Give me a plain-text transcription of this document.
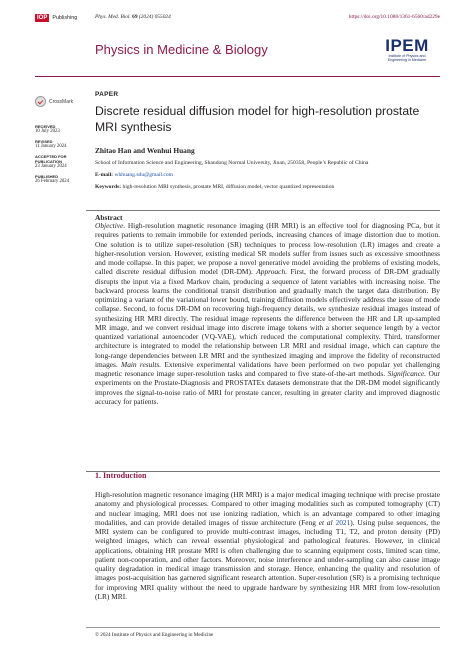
IOP Publishing	Phys. Med. Biol. 69 (2024) 055024	https://doi.org/10.1088/1361-6560/ad229e
Physics in Medicine & Biology	IPEM
Institute of Physics and
Engineering in Medicine
CrossMark
RECEIVED
10 July 2023
REVISED
11 January 2024
ACCEPTED FOR PUBLICATION
23 January 2024
PUBLISHED
26 February 2024
PAPER
Discrete residual diffusion model for high-resolution prostate MRI synthesis
Zhitao Han and Wenhui Huang
School of Information Science and Engineering, Shandong Normal University, Jinan, 250358, People’s Republic of China
E-mail: whhuang.sdu@gmail.com
Keywords: high-resolution MRI synthesis, prostate MRI, diffusion model, vector quantized representation
Abstract
Objective. High-resolution magnetic resonance imaging (HR MRI) is an effective tool for diagnosing PCa, but it requires patients to remain immobile for extended periods, increasing chances of image distortion due to motion. One solution is to utilize super-resolution (SR) techniques to process low-resolution (LR) images and create a higher-resolution version. However, existing medical SR models suffer from issues such as excessive smoothness and mode collapse. In this paper, we propose a novel generative model avoiding the problems of existing models, called discrete residual diffusion model (DR-DM). Approach. First, the forward process of DR-DM gradually disrupts the input via a fixed Markov chain, producing a sequence of latent variables with increasing noise. The backward process learns the conditional transit distribution and gradually match the target data distribution. By optimizing a variant of the variational lower bound, training diffusion models effectively address the issue of mode collapse. Second, to focus DR-DM on recovering high-frequency details, we synthesize residual images instead of synthesizing HR MRI directly. The residual image represents the difference between the HR and LR up-sampled MR image, and we convert residual image into discrete image tokens with a shorter sequence length by a vector quantized variational autoencoder (VQ-VAE), which reduced the computational complexity. Third, transformer architecture is integrated to model the relationship between LR MRI and residual image, which can capture the long-range dependencies between LR MRI and the synthesized imaging and improve the fidelity of reconstructed images. Main results. Extensive experimental validations have been performed on two popular yet challenging magnetic resonance image super-resolution tasks and compared to five state-of-the-art methods. Significance. Our experiments on the Prostate-Diagnosis and PROSTATEx datasets demonstrate that the DR-DM model significantly improves the signal-to-noise ratio of MRI for prostate cancer, resulting in greater clarity and improved diagnostic accuracy for patients.
1. Introduction
High-resolution magnetic resonance imaging (HR MRI) is a major medical imaging technique with precise prostate anatomy and physiological processes. Compared to other imaging modalities such as computed tomography (CT) and nuclear imaging, MRI does not use ionizing radiation, which is an advantage compared to other imaging modalities, and can provide detailed images of tissue architecture (Feng et al 2021). Using pulse sequences, the MRI system can be configured to provide multi-contrast images, including T1, T2, and proton density (PD) weighted images, which can reveal essential physiological and pathological features. However, in clinical applications, obtaining HR prostate MRI is often challenging due to scanning equipment costs, limited scan time, patient non-cooperation, and other factors. Moreover, noise interference and under-sampling can also cause image quality degradation in medical image transmission and storage. Hence, enhancing the quality and resolution of images post-acquisition has garnered significant research attention. Super-resolution (SR) is a promising technique for improving MRI quality without the need to upgrade hardware by synthesizing HR MRI from low-resolution (LR) MRI.
© 2024 Institute of Physics and Engineering in Medicine
